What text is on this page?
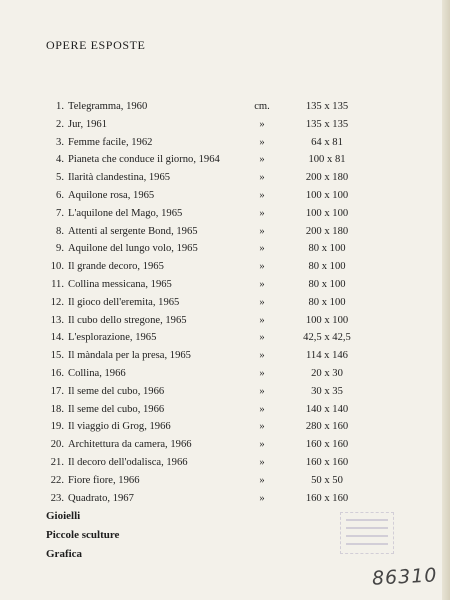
OPERE ESPOSTE
1. Telegramma, 1960	cm.	135 x 135
2. Jur, 1961	»	135 x 135
3. Femme facile, 1962	»	64 x 81
4. Pianeta che conduce il giorno, 1964	»	100 x 81
5. Ilarità clandestina, 1965	»	200 x 180
6. Aquilone rosa, 1965	»	100 x 100
7. L'aquilone del Mago, 1965	»	100 x 100
8. Attenti al sergente Bond, 1965	»	200 x 180
9. Aquilone del lungo volo, 1965	»	80 x 100
10. Il grande decoro, 1965	»	80 x 100
11. Collina messicana, 1965	»	80 x 100
12. Il gioco dell'eremita, 1965	»	80 x 100
13. Il cubo dello stregone, 1965	»	100 x 100
14. L'esplorazione, 1965	»	42,5 x 42,5
15. Il màndala per la presa, 1965	»	114 x 146
16. Collina, 1966	»	20 x 30
17. Il seme del cubo, 1966	»	30 x 35
18. Il seme del cubo, 1966	»	140 x 140
19. Il viaggio di Grog, 1966	»	280 x 160
20. Architettura da camera, 1966	»	160 x 160
21. Il decoro dell'odalisca, 1966	»	160 x 160
22. Fiore fiore, 1966	»	50 x 50
23. Quadrato, 1967	»	160 x 160
Gioielli
Piccole sculture
Grafica
86310
